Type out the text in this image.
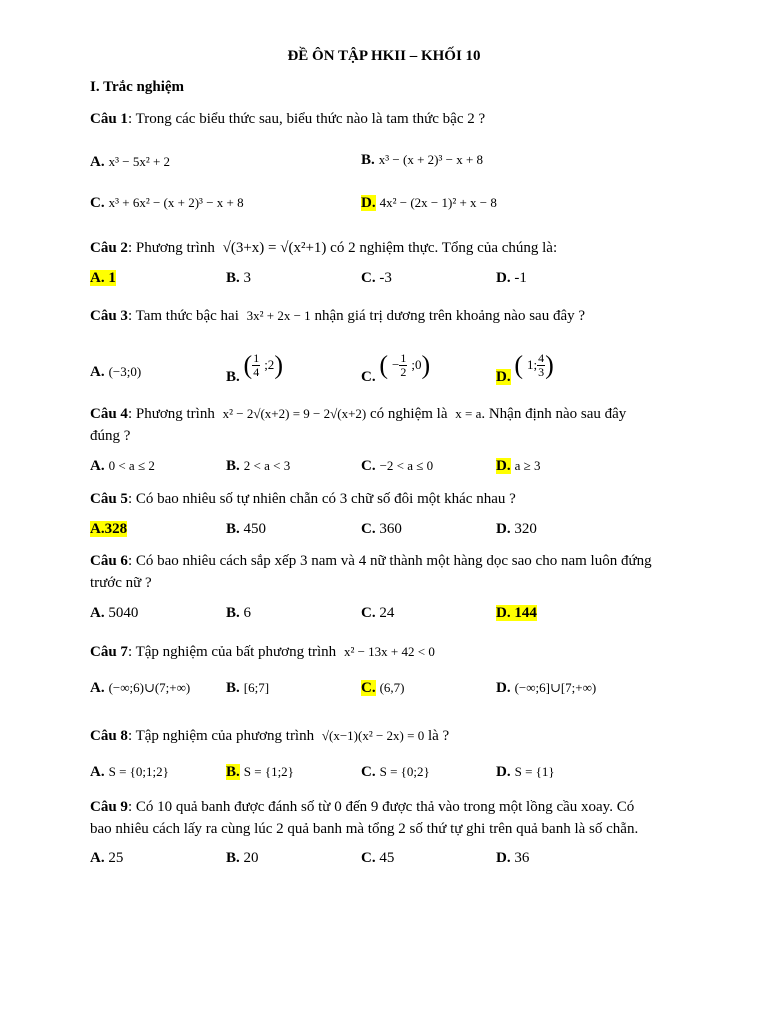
ĐỀ ÔN TẬP HKII – KHỐI 10
I. Trắc nghiệm
Câu 1: Trong các biểu thức sau, biểu thức nào là tam thức bậc 2 ?
A. x³ − 5x² + 2	B. x³ − (x + 2)³ − x + 8
C. x³ + 6x² − (x + 2)³ − x + 8	D. 4x² − (2x − 1)² + x − 8
Câu 2: Phương trình √(3+x) = √(x²+1) có 2 nghiệm thực. Tổng của chúng là:
A. 1	B. 3	C. -3	D. -1
Câu 3: Tam thức bậc hai 3x² + 2x − 1 nhận giá trị dương trên khoảng nào sau đây ?
A. (−3;0)	B. ( $\frac{1}{4}$ ;2)	C. ( − $\frac{1}{2}$ ;0)	D. ( 1; $\frac{4}{3}$ )
Câu 4: Phương trình x² − 2√(x+2) = 9 − 2√(x+2) có nghiệm là x = a. Nhận định nào sau đây
đúng ?
A. 0 < a ≤ 2	B. 2 < a < 3	C. −2 < a ≤ 0	D. a ≥ 3
Câu 5: Có bao nhiêu số tự nhiên chẵn có 3 chữ số đôi một khác nhau ?
A.328	B. 450	C. 360	D. 320
Câu 6: Có bao nhiêu cách sắp xếp 3 nam và 4 nữ thành một hàng dọc sao cho nam luôn đứng
trước nữ ?
A. 5040	B. 6	C. 24	D. 144
Câu 7: Tập nghiệm của bất phương trình x² − 13x + 42 < 0
A. (−∞;6)∪(7;+∞) B. [6;7]	C. (6,7)	D. (−∞;6]∪[7;+∞)
Câu 8: Tập nghiệm của phương trình √(x−1)(x² − 2x) = 0 là ?
A. S = {0;1;2}	B. S = {1;2}	C. S = {0;2}	D. S = {1}
Câu 9: Có 10 quả banh được đánh số từ 0 đến 9 được thả vào trong một lồng cầu xoay. Có
bao nhiêu cách lấy ra cùng lúc 2 quả banh mà tổng 2 số thứ tự ghi trên quả banh là số chẵn.
A. 25	B. 20	C. 45	D. 36
